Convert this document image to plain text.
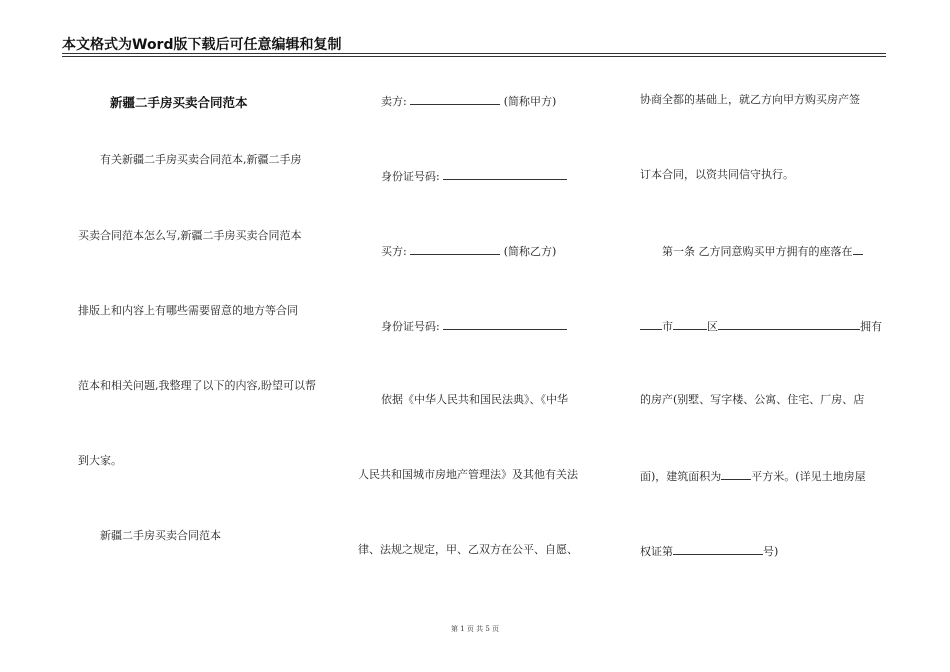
本文格式为Word版下载后可任意编辑和复制
新疆二手房买卖合同范本
有关新疆二手房买卖合同范本,新疆二手房
买卖合同范本怎么写,新疆二手房买卖合同范本
排版上和内容上有哪些需要留意的地方等合同
范本和相关问题,我整理了以下的内容,盼望可以帮
到大家。
新疆二手房买卖合同范本
卖方:	(简称甲方)
身份证号码:
买方:	(简称乙方)
身份证号码:
依据《中华人民共和国民法典》、《中华
人民共和国城市房地产管理法》及其他有关法
律、法规之规定，甲、乙双方在公平、自愿、
协商全都的基础上，就乙方向甲方购买房产签
订本合同，以资共同信守执行。
第一条 乙方同意购买甲方拥有的座落在
市	区	拥有
的房产(别墅、写字楼、公寓、住宅、厂房、店
面)，建筑面积为	平方米。(详见土地房屋
权证第	号)
第 1 页 共 5 页
